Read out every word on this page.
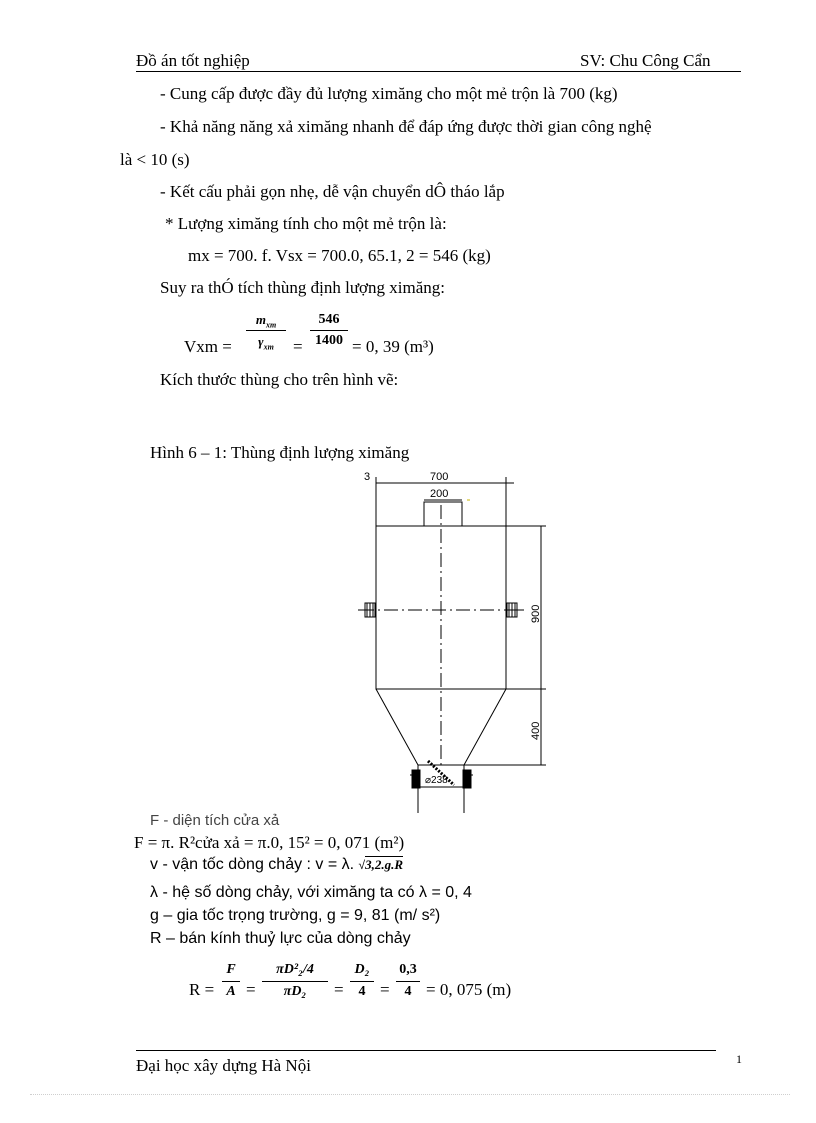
Đồ án tốt nghiệp	SV: Chu Công Cẩn
- Cung cấp được đầy đủ lượng ximăng cho một mẻ trộn là 700 (kg)
- Khả năng năng xả ximăng nhanh để đáp ứng được thời gian công nghệ
là < 10 (s)
- Kết cấu phải gọn nhẹ, dễ vận chuyển dÔ tháo lắp
* Lượng ximăng tính cho một mẻ trộn là:
mx = 700. f. Vsx = 700.0, 65.1, 2 = 546 (kg)
Suy ra thÓ tích thùng định lượng ximăng:
Vxm =
$m_{xm}$
$\gamma_{xm}$	=
546
1400 = 0, 39 (m³)
Kích thước thùng cho trên hình vẽ:
Hình 6 – 1: Thùng định lượng ximăng
700
3
200
⌀238
900
400
F - diện tích cửa xả
F = π. R²cửa xả = π.0, 15² = 0, 071 (m²)
v - vận tốc dòng chảy : v = λ. √3,2.g.R
λ - hệ số dòng chảy, với ximăng ta có λ = 0, 4
g – gia tốc trọng trường, g = 9, 81 (m/ s²)
R – bán kính thuỷ lực của dòng chảy
R =
F
A =
πD²₂/4
πD₂	=
D₂
4 =
0,3
4 = 0, 075 (m)
Đại học xây dựng Hà Nội	1
